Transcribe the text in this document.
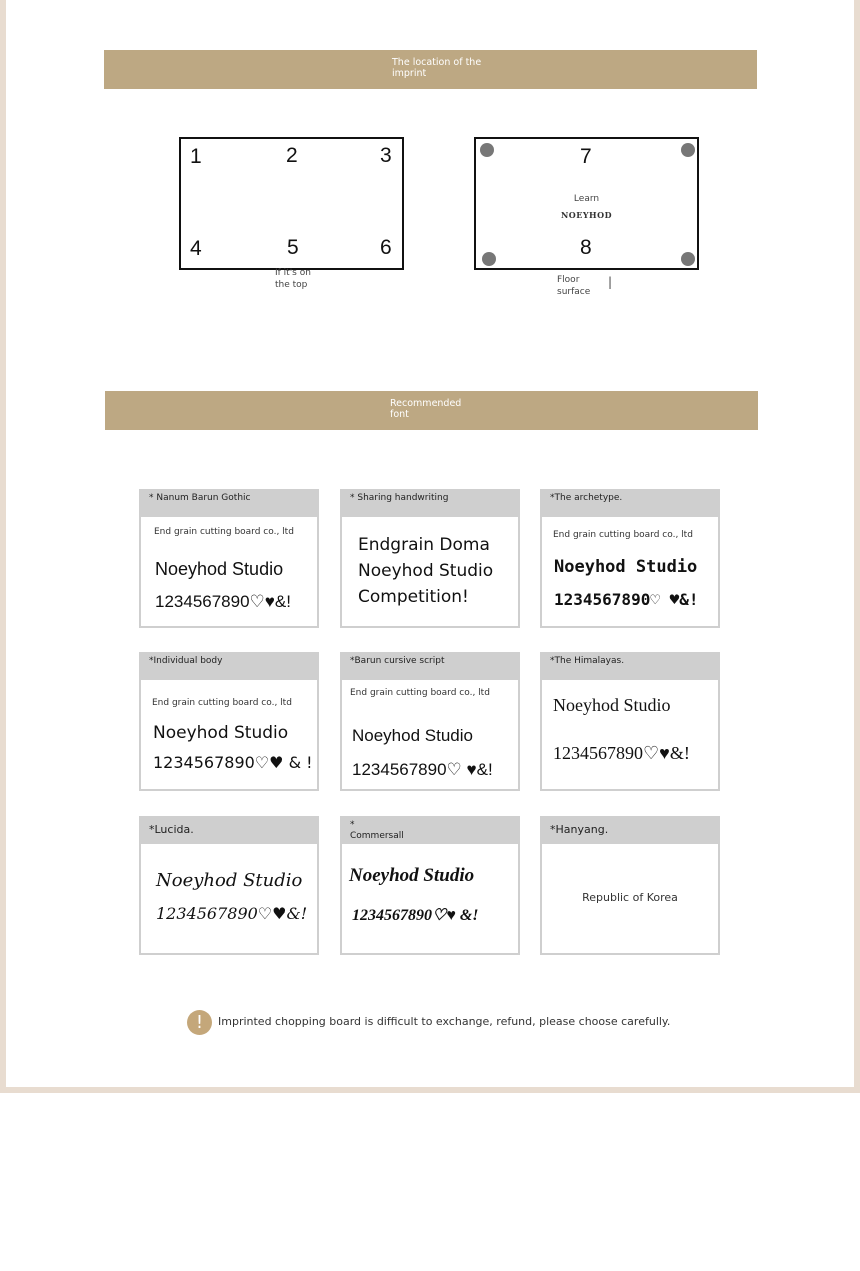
The location of the imprint
1	2	3
4	5	6
If it's on the top
7
Learn
NOEYHOD
8
Floor surface
|
Recommended font
* Nanum Barun Gothic
End grain cutting board co., ltd
Noeyhod Studio
1234567890♡♥&!
* Sharing handwriting
Endgrain Doma
Noeyhod Studio
Competition!
*The archetype.
End grain cutting board co., ltd
Noeyhod Studio
1234567890♡ ♥&!
*Individual body
End grain cutting board co., ltd
Noeyhod Studio
1234567890♡♥ & !
*Barun cursive script
End grain cutting board co., ltd
Noeyhod Studio
1234567890♡ ♥&!
*The Himalayas.
Noeyhod Studio
1234567890♡♥&!
*Lucida.
Noeyhod Studio
1234567890♡♥&!
* Commersall
Noeyhod Studio
1234567890♡♥ &!
*Hanyang.
Republic of Korea
!	Imprinted chopping board is difficult to exchange, refund, please choose carefully.
